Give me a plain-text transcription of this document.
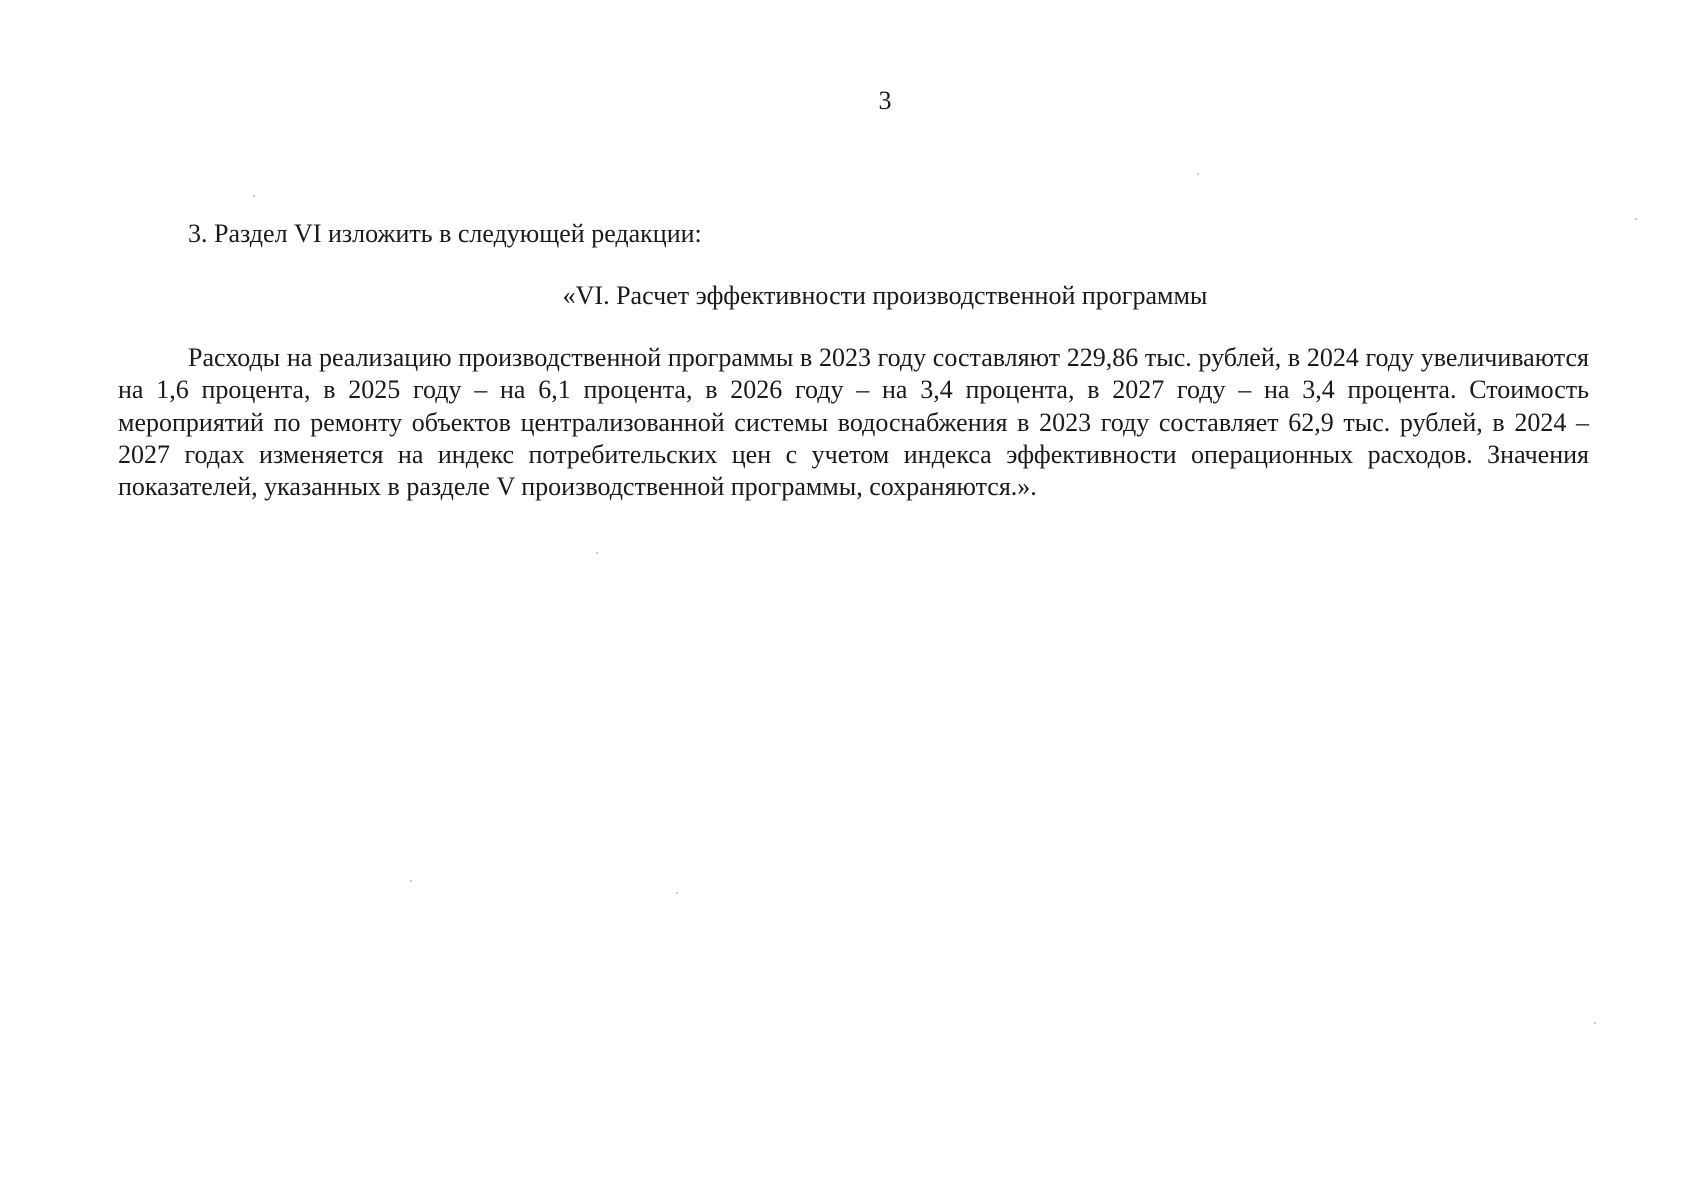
3
3. Раздел VI изложить в следующей редакции:
«VI. Расчет эффективности производственной программы

Расходы на реализацию производственной программы в 2023 году составляют 229,86 тыс. рублей, в 2024 году увеличиваются на 1,6 процента, в 2025 году – на 6,1 процента, в 2026 году – на 3,4 процента, в 2027 году – на 3,4 процента. Стоимость мероприятий по ремонту объектов централизованной системы водоснабжения в 2023 году составляет 62,9 тыс. рублей, в 2024 – 2027 годах изменяется на индекс потребительских цен с учетом индекса эффективности операционных расходов. Значения показателей, указанных в разделе V производственной программы, сохраняются.».
